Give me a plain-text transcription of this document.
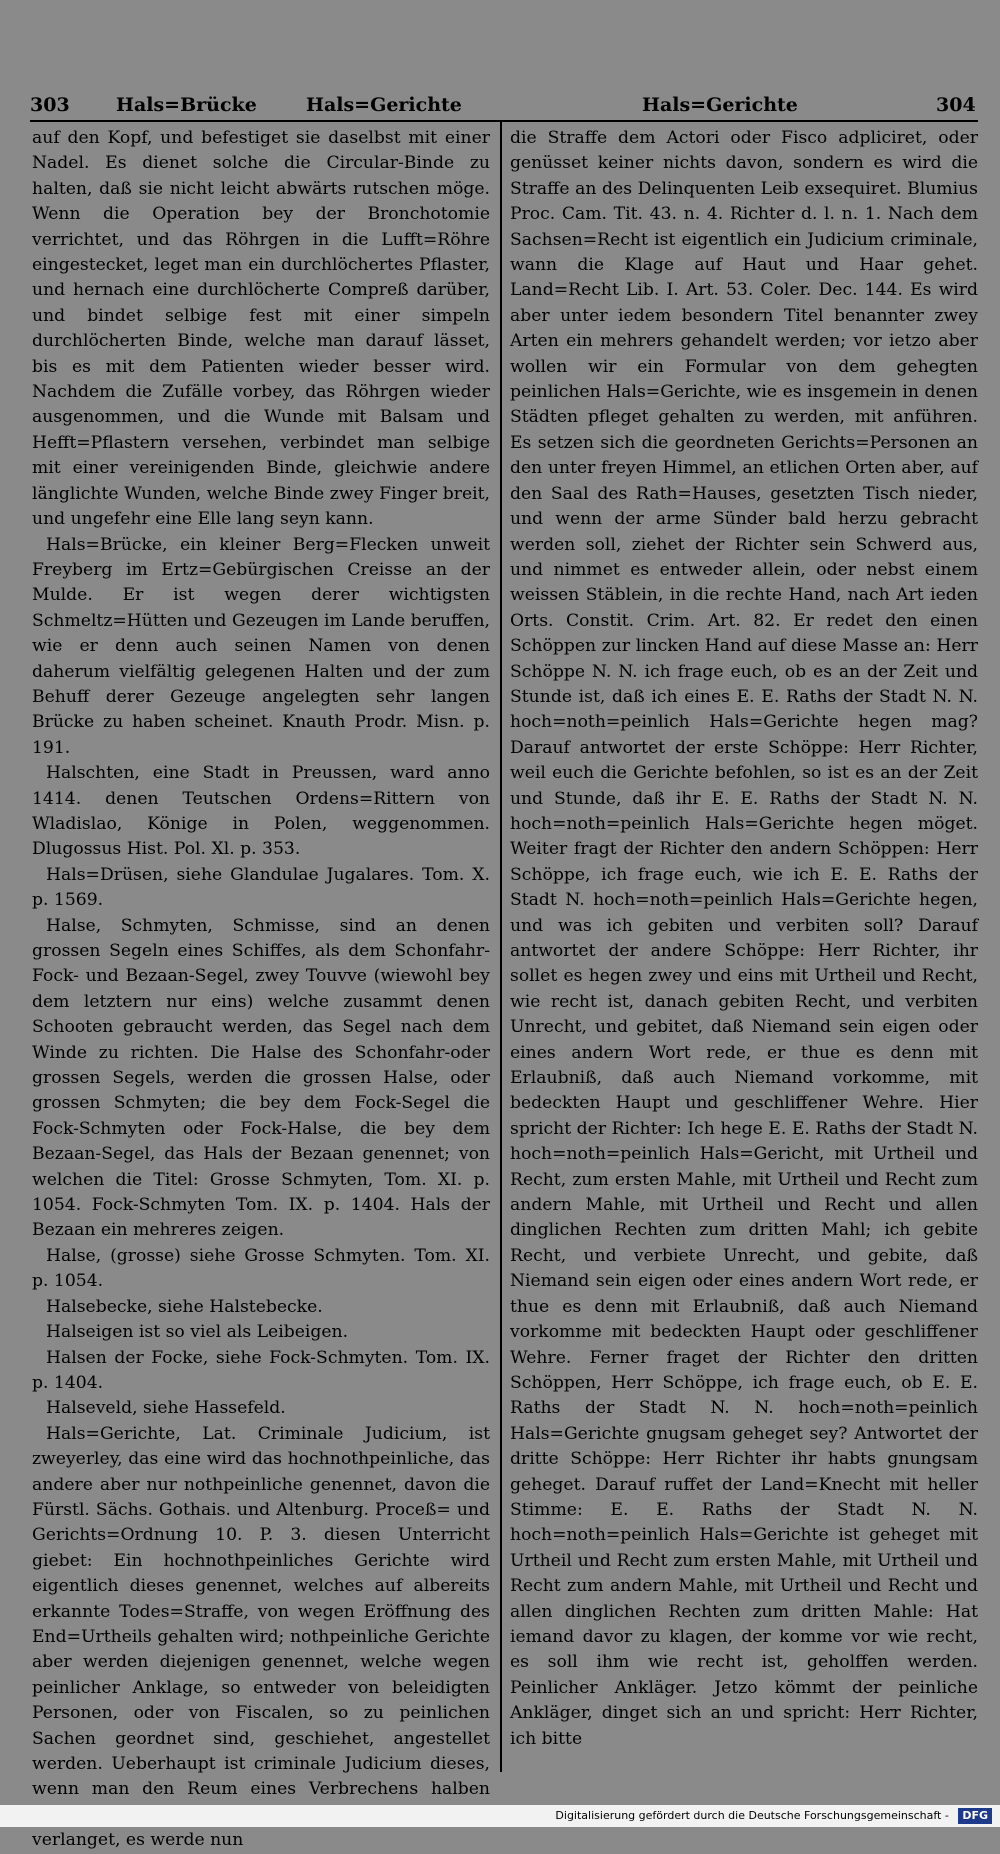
303 Hals=Brücke	Hals=Gerichte	Hals=Gerichte	304

auf den Kopf, und befestiget sie daselbst mit einer Nadel. Es dienet solche die Circular-Binde zu halten, daß sie nicht leicht abwärts rutschen möge. Wenn die Operation bey der Bronchotomie verrichtet, und das Röhrgen in die Lufft=Röhre eingestecket, leget man ein durchlöchertes Pflaster, und hernach eine durchlöcherte Compreß darüber, und bindet selbige fest mit einer simpeln durchlöcherten Binde, welche man darauf lässet, bis es mit dem Patienten wieder besser wird. Nachdem die Zufälle vorbey, das Röhrgen wieder ausgenommen, und die Wunde mit Balsam und Hefft=Pflastern versehen, verbindet man selbige mit einer vereinigenden Binde, gleichwie andere länglichte Wunden, welche Binde zwey Finger breit, und ungefehr eine Elle lang seyn kann.

Hals=Brücke, ein kleiner Berg=Flecken unweit Freyberg im Ertz=Gebürgischen Creisse an der Mulde. Er ist wegen derer wichtigsten Schmeltz=Hütten und Gezeugen im Lande beruffen, wie er denn auch seinen Namen von denen daherum vielfältig gelegenen Halten und der zum Behuff derer Gezeuge angelegten sehr langen Brücke zu haben scheinet. Knauth Prodr. Misn. p. 191.

Halschten, eine Stadt in Preussen, ward anno 1414. denen Teutschen Ordens=Rittern von Wladislao, Könige in Polen, weggenommen. Dlugossus Hist. Pol. Xl. p. 353.

Hals=Drüsen, siehe Glandulae Jugalares. Tom. X. p. 1569.

Halse, Schmyten, Schmisse, sind an denen grossen Segeln eines Schiffes, als dem Schonfahr-Fock- und Bezaan-Segel, zwey Touvve (wiewohl bey dem letztern nur eins) welche zusammt denen Schooten gebraucht werden, das Segel nach dem Winde zu richten. Die Halse des Schonfahr-oder grossen Segels, werden die grossen Halse, oder grossen Schmyten; die bey dem Fock-Segel die Fock-Schmyten oder Fock-Halse, die bey dem Bezaan-Segel, das Hals der Bezaan genennet; von welchen die Titel: Grosse Schmyten, Tom. XI. p. 1054. Fock-Schmyten Tom. IX. p. 1404. Hals der Bezaan ein mehreres zeigen.

Halse, (grosse) siehe Grosse Schmyten. Tom. XI. p. 1054.

Halsebecke, siehe Halstebecke.

Halseigen ist so viel als Leibeigen.

Halsen der Focke, siehe Fock-Schmyten. Tom. IX. p. 1404.

Halseveld, siehe Hassefeld.

Hals=Gerichte, Lat. Criminale Judicium, ist zweyerley, das eine wird das hochnothpeinliche, das andere aber nur nothpeinliche genennet, davon die Fürstl. Sächs. Gothais. und Altenburg. Proceß= und Gerichts=Ordnung 10. P. 3. diesen Unterricht giebet: Ein hochnothpeinliches Gerichte wird eigentlich dieses genennet, welches auf albereits erkannte Todes=Straffe, von wegen Eröffnung des End=Urtheils gehalten wird; nothpeinliche Gerichte aber werden diejenigen genennet, welche wegen peinlicher Anklage, so entweder von beleidigten Personen, oder von Fiscalen, so zu peinlichen Sachen geordnet sind, geschiehet, angestellet werden. Ueberhaupt ist criminale Judicium dieses, wenn man den Reum eines Verbrechens halben verlanget, es werde nun

die Straffe dem Actori oder Fisco adpliciret, oder genüsset keiner nichts davon, sondern es wird die Straffe an des Delinquenten Leib exsequiret. Blumius Proc. Cam. Tit. 43. n. 4. Richter d. l. n. 1. Nach dem Sachsen=Recht ist eigentlich ein Judicium criminale, wann die Klage auf Haut und Haar gehet. Land=Recht Lib. I. Art. 53. Coler. Dec. 144. Es wird aber unter iedem besondern Titel benannter zwey Arten ein mehrers gehandelt werden; vor ietzo aber wollen wir ein Formular von dem gehegten peinlichen Hals=Gerichte, wie es insgemein in denen Städten pfleget gehalten zu werden, mit anführen. Es setzen sich die geordneten Gerichts=Personen an den unter freyen Himmel, an etlichen Orten aber, auf den Saal des Rath=Hauses, gesetzten Tisch nieder, und wenn der arme Sünder bald herzu gebracht werden soll, ziehet der Richter sein Schwerd aus, und nimmet es entweder allein, oder nebst einem weissen Stäblein, in die rechte Hand, nach Art ieden Orts. Constit. Crim. Art. 82. Er redet den einen Schöppen zur lincken Hand auf diese Masse an: Herr Schöppe N. N. ich frage euch, ob es an der Zeit und Stunde ist, daß ich eines E. E. Raths der Stadt N. N. hoch=noth=peinlich Hals=Gerichte hegen mag? Darauf antwortet der erste Schöppe: Herr Richter, weil euch die Gerichte befohlen, so ist es an der Zeit und Stunde, daß ihr E. E. Raths der Stadt N. N. hoch=noth=peinlich Hals=Gerichte hegen möget. Weiter fragt der Richter den andern Schöppen: Herr Schöppe, ich frage euch, wie ich E. E. Raths der Stadt N. hoch=noth=peinlich Hals=Gerichte hegen, und was ich gebiten und verbiten soll? Darauf antwortet der andere Schöppe: Herr Richter, ihr sollet es hegen zwey und eins mit Urtheil und Recht, wie recht ist, danach gebiten Recht, und verbiten Unrecht, und gebitet, daß Niemand sein eigen oder eines andern Wort rede, er thue es denn mit Erlaubniß, daß auch Niemand vorkomme, mit bedeckten Haupt und geschliffener Wehre. Hier spricht der Richter: Ich hege E. E. Raths der Stadt N. hoch=noth=peinlich Hals=Gericht, mit Urtheil und Recht, zum ersten Mahle, mit Urtheil und Recht zum andern Mahle, mit Urtheil und Recht und allen dinglichen Rechten zum dritten Mahl; ich gebite Recht, und verbiete Unrecht, und gebite, daß Niemand sein eigen oder eines andern Wort rede, er thue es denn mit Erlaubniß, daß auch Niemand vorkomme mit bedeckten Haupt oder geschliffener Wehre. Ferner fraget der Richter den dritten Schöppen, Herr Schöppe, ich frage euch, ob E. E. Raths der Stadt N. N. hoch=noth=peinlich Hals=Gerichte gnugsam geheget sey? Antwortet der dritte Schöppe: Herr Richter ihr habts gnungsam geheget. Darauf ruffet der Land=Knecht mit heller Stimme: E. E. Raths der Stadt N. N. hoch=noth=peinlich Hals=Gerichte ist geheget mit Urtheil und Recht zum ersten Mahle, mit Urtheil und Recht zum andern Mahle, mit Urtheil und Recht und allen dinglichen Rechten zum dritten Mahle: Hat iemand davor zu klagen, der komme vor wie recht, es soll ihm wie recht ist, geholffen werden. Peinlicher Ankläger. Jetzo kömmt der peinliche Ankläger, dinget sich an und spricht: Herr Richter, ich bitte

Digitalisierung gefördert durch die Deutsche Forschungsgemeinschaft - DFG
